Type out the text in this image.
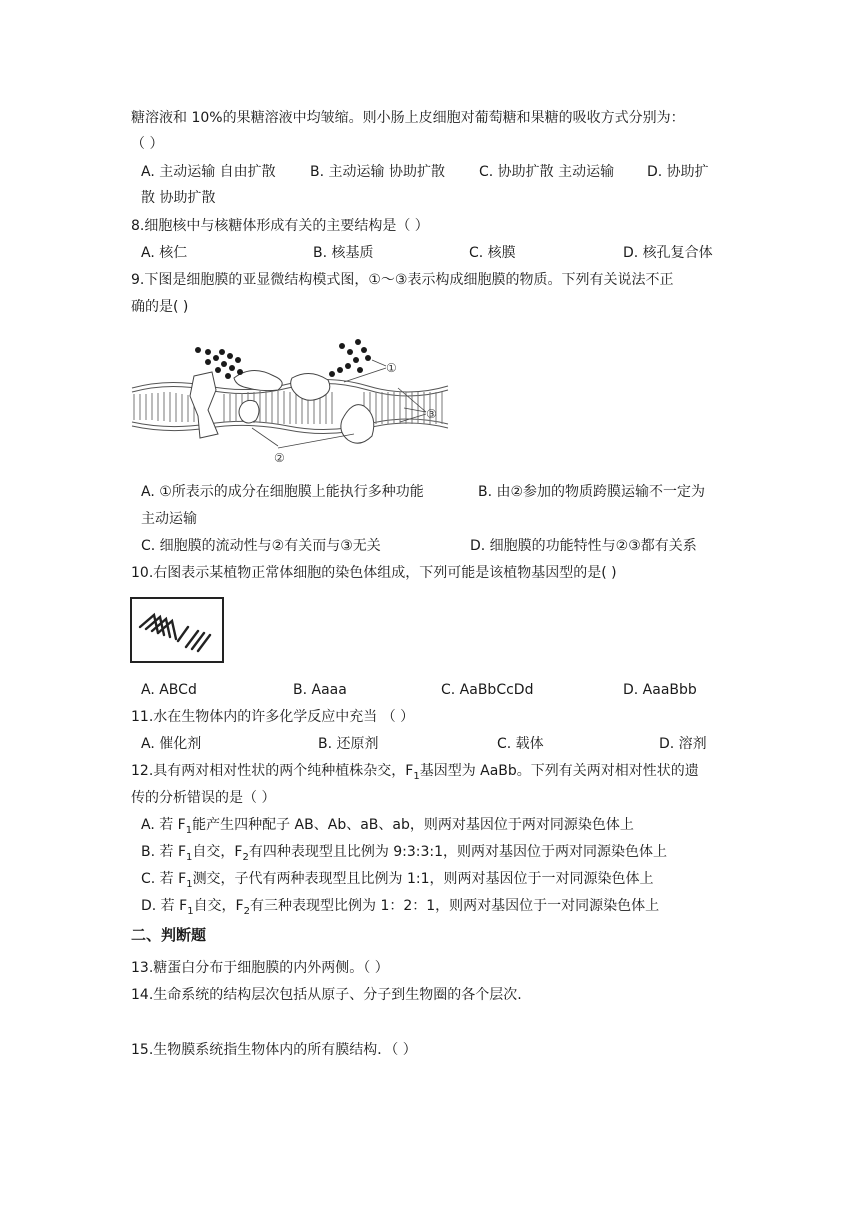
糖溶液和 10%的果糖溶液中均皱缩。则小肠上皮细胞对葡萄糖和果糖的吸收方式分别为：
（ ）
A. 主动运输 自由扩散 B. 主动运输 协助扩散 C. 协助扩散 主动运输 D. 协助扩
散 协助扩散
8.细胞核中与核糖体形成有关的主要结构是（ ）
A. 核仁	B. 核基质	C. 核膜	D. 核孔复合体
9.下图是细胞膜的亚显微结构模式图，①～③表示构成细胞膜的物质。下列有关说法不正
确的是( )
①
③
②
A. ①所表示的成分在细胞膜上能执行多种功能	B. 由②参加的物质跨膜运输不一定为
主动运输
C. 细胞膜的流动性与②有关而与③无关	D. 细胞膜的功能特性与②③都有关系
10.右图表示某植物正常体细胞的染色体组成，下列可能是该植物基因型的是( )
A. ABCd	B. Aaaa	C. AaBbCcDd	D. AaaBbb
11.水在生物体内的许多化学反应中充当 （ ）
A. 催化剂	B. 还原剂	C. 载体	D. 溶剂
12.具有两对相对性状的两个纯种植株杂交，$F_1$基因型为 AaBb。下列有关两对相对性状的遗
传的分析错误的是（ ）
A. 若 $F_1$能产生四种配子 AB、Ab、aB、ab，则两对基因位于两对同源染色体上
B. 若 $F_1$自交，$F_2$有四种表现型且比例为 9:3:3:1，则两对基因位于两对同源染色体上
C. 若 $F_1$测交，子代有两种表现型且比例为 1:1，则两对基因位于一对同源染色体上
D. 若 $F_1$自交，$F_2$有三种表现型比例为 1：2：1，则两对基因位于一对同源染色体上
二、判断题
13.糖蛋白分布于细胞膜的内外两侧。（ ）
14.生命系统的结构层次包括从原子、分子到生物圈的各个层次.
15.生物膜系统指生物体内的所有膜结构．（ ）
